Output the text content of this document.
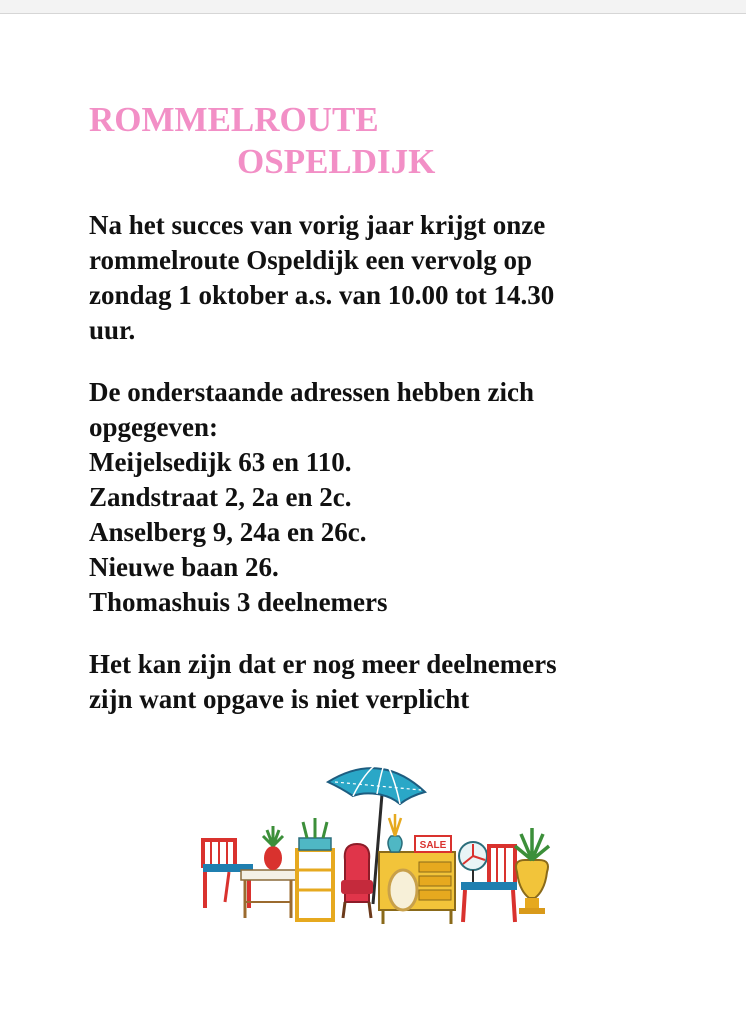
ROMMELROUTE
OSPELDIJK

Na het succes van vorig jaar krijgt onze
rommelroute Ospeldijk een vervolg op
zondag 1 oktober a.s. van 10.00 tot 14.30
uur.

De onderstaande adressen hebben zich
opgegeven:
Meijelsedijk 63 en 110.
Zandstraat 2, 2a en 2c.
Anselberg 9, 24a en 26c.
Nieuwe baan 26.
Thomashuis 3 deelnemers

Het kan zijn dat er nog meer deelnemers
zijn want opgave is niet verplicht

SALE
